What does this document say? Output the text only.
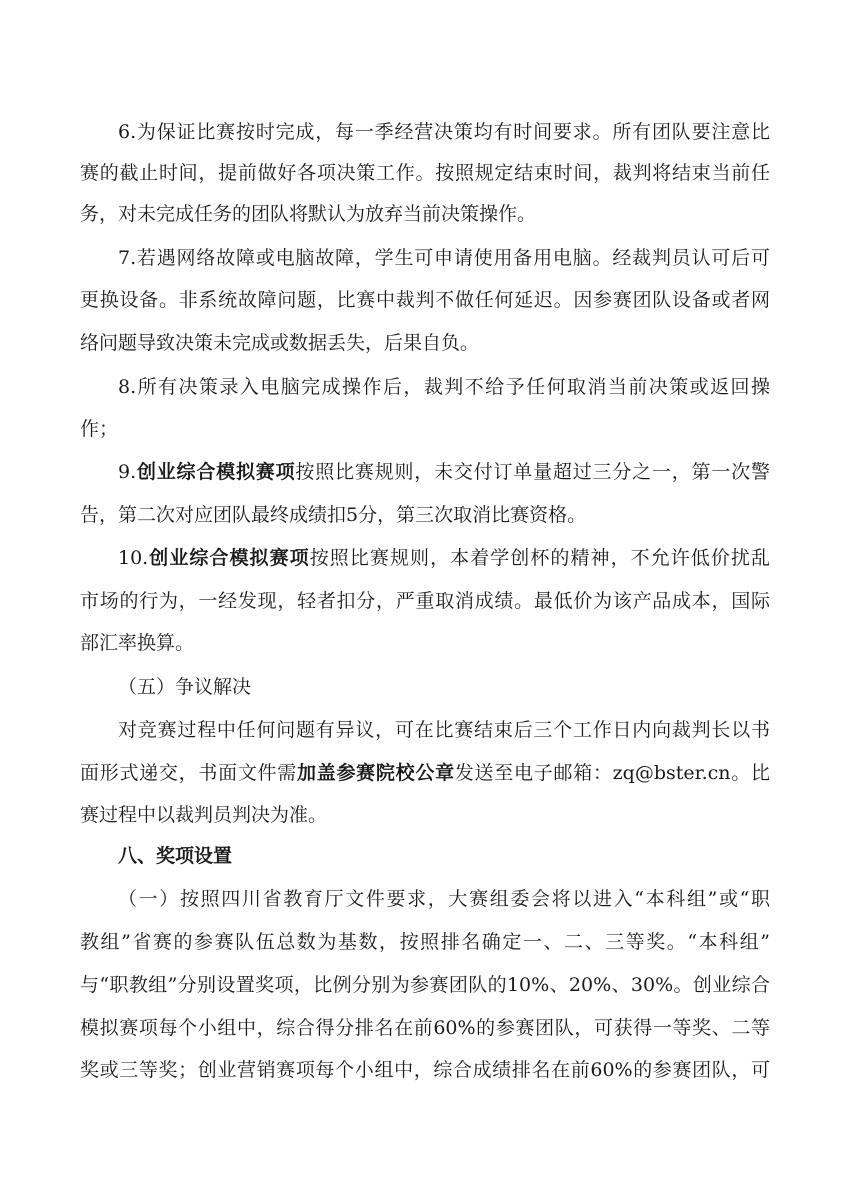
6.为保证比赛按时完成，每一季经营决策均有时间要求。所有团队要注意比
赛的截止时间，提前做好各项决策工作。按照规定结束时间，裁判将结束当前任
务，对未完成任务的团队将默认为放弃当前决策操作。
7.若遇网络故障或电脑故障，学生可申请使用备用电脑。经裁判员认可后可
更换设备。非系统故障问题，比赛中裁判不做任何延迟。因参赛团队设备或者网
络问题导致决策未完成或数据丢失，后果自负。
8.所有决策录入电脑完成操作后，裁判不给予任何取消当前决策或返回操
作；
9.创业综合模拟赛项按照比赛规则，未交付订单量超过三分之一，第一次警
告，第二次对应团队最终成绩扣5分，第三次取消比赛资格。
10.创业综合模拟赛项按照比赛规则，本着学创杯的精神，不允许低价扰乱
市场的行为，一经发现，轻者扣分，严重取消成绩。最低价为该产品成本，国际
部汇率换算。
（五）争议解决
对竞赛过程中任何问题有异议，可在比赛结束后三个工作日内向裁判长以书
面形式递交，书面文件需加盖参赛院校公章发送至电子邮箱：zq@bster.cn。比
赛过程中以裁判员判决为准。
八、奖项设置
（一）按照四川省教育厅文件要求，大赛组委会将以进入“本科组”或“职
教组”省赛的参赛队伍总数为基数，按照排名确定一、二、三等奖。“本科组”
与“职教组”分别设置奖项，比例分别为参赛团队的10%、20%、30%。创业综合
模拟赛项每个小组中，综合得分排名在前60%的参赛团队，可获得一等奖、二等
奖或三等奖；创业营销赛项每个小组中，综合成绩排名在前60%的参赛团队，可
